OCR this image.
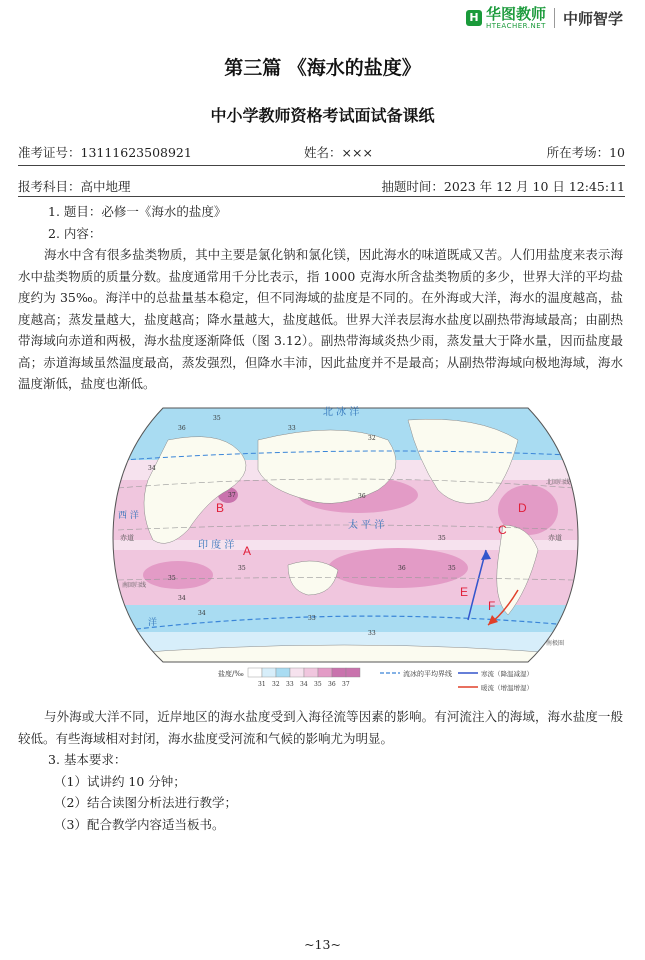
H 华图教师
HTEACHER.NET 中师智学
第三篇 《海水的盐度》
中小学教师资格考试面试备课纸
准考证号：13111623508921	姓名：×××	所在考场：10
报考科目：高中地理	抽题时间：2023 年 12 月 10 日 12:45:11

1. 题目：必修一《海水的盐度》

2. 内容：

海水中含有很多盐类物质，其中主要是氯化钠和氯化镁，因此海水的味道既咸又苦。人们用盐度来表示海水中盐类物质的质量分数。盐度通常用千分比表示，指 1000 克海水所含盐类物质的多少，世界大洋的平均盐度约为 35‰。海洋中的总盐量基本稳定，但不同海域的盐度是不同的。在外海或大洋，海水的温度越高，盐度越高；蒸发量越大，盐度越高；降水量越大，盐度越低。世界大洋表层海水盐度以副热带海域最高；由副热带海域向赤道和两极，海水盐度逐渐降低（图 3.12）。副热带海域炎热少雨，蒸发量大于降水量，因而盐度最高；赤道海域虽然温度最高，蒸发强烈，但降水丰沛，因此盐度并不是最高；从副热带海域向极地海域，海水温度渐低，盐度也渐低。

北 冰 洋
太 平 洋
印 度 洋
西 洋
洋
赤道	赤道
北回归线
南回归线
南极圈
A
B
C
D
E
F
36
35
34
33
32
37	36
35
34
33
35
35
36
35
34
33
盐度/‰
31 32 33 34 35 36 37
流冰的平均界线	寒流（降温减湿）
暖流（增温增湿）

与外海或大洋不同，近岸地区的海水盐度受到入海径流等因素的影响。有河流注入的海域，海水盐度一般较低。有些海域相对封闭，海水盐度受河流和气候的影响尤为明显。

3. 基本要求：

（1）试讲约 10 分钟；

（2）结合读图分析法进行教学；

（3）配合教学内容适当板书。

~13~
